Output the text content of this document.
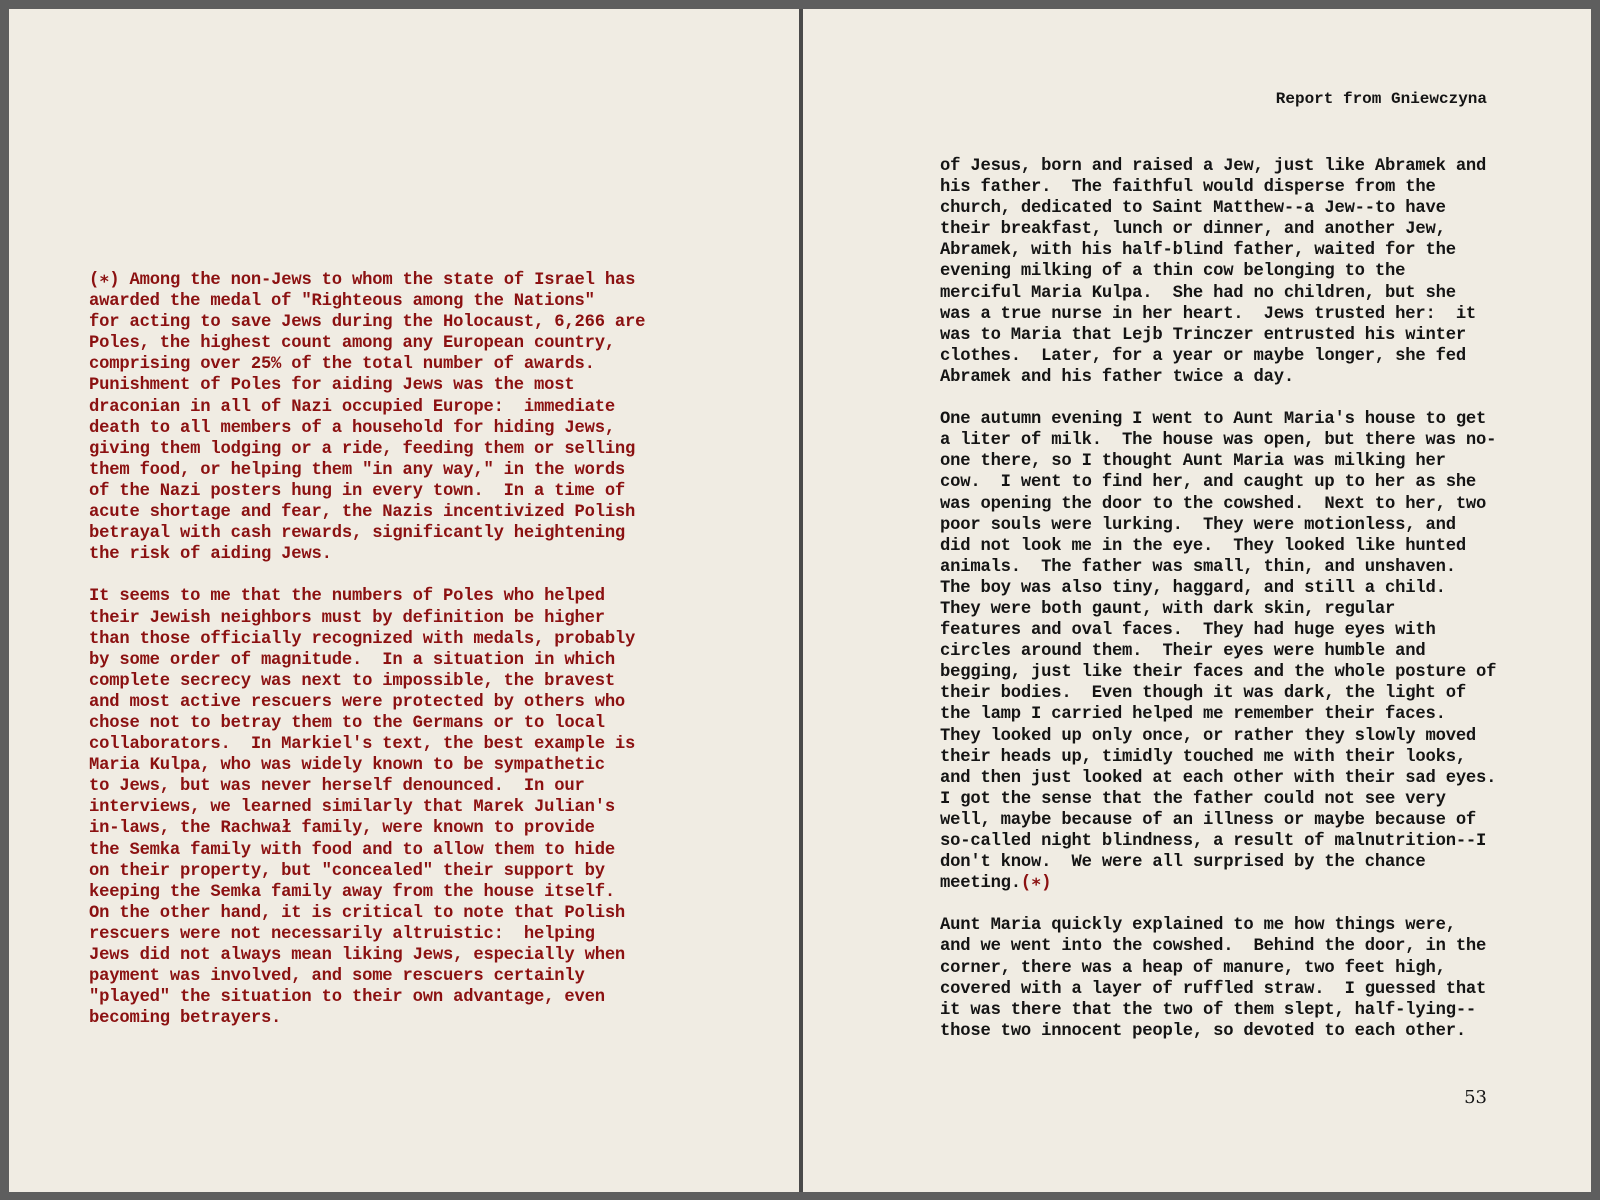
(∗) Among the non-Jews to whom the state of Israel has
awarded the medal of "Righteous among the Nations"
for acting to save Jews during the Holocaust, 6,266 are
Poles, the highest count among any European country,
comprising over 25% of the total number of awards.
Punishment of Poles for aiding Jews was the most
draconian in all of Nazi occupied Europe:  immediate
death to all members of a household for hiding Jews,
giving them lodging or a ride, feeding them or selling
them food, or helping them "in any way," in the words
of the Nazi posters hung in every town.  In a time of
acute shortage and fear, the Nazis incentivized Polish
betrayal with cash rewards, significantly heightening
the risk of aiding Jews.

It seems to me that the numbers of Poles who helped
their Jewish neighbors must by definition be higher
than those officially recognized with medals, probably
by some order of magnitude.  In a situation in which
complete secrecy was next to impossible, the bravest
and most active rescuers were protected by others who
chose not to betray them to the Germans or to local
collaborators.  In Markiel's text, the best example is
Maria Kulpa, who was widely known to be sympathetic
to Jews, but was never herself denounced.  In our
interviews, we learned similarly that Marek Julian's
in-laws, the Rachwał family, were known to provide
the Semka family with food and to allow them to hide
on their property, but "concealed" their support by
keeping the Semka family away from the house itself.
On the other hand, it is critical to note that Polish
rescuers were not necessarily altruistic:  helping
Jews did not always mean liking Jews, especially when
payment was involved, and some rescuers certainly
"played" the situation to their own advantage, even
becoming betrayers.

Report from Gniewczyna

of Jesus, born and raised a Jew, just like Abramek and
his father.  The faithful would disperse from the
church, dedicated to Saint Matthew--a Jew--to have
their breakfast, lunch or dinner, and another Jew,
Abramek, with his half-blind father, waited for the
evening milking of a thin cow belonging to the
merciful Maria Kulpa.  She had no children, but she
was a true nurse in her heart.  Jews trusted her:  it
was to Maria that Lejb Trinczer entrusted his winter
clothes.  Later, for a year or maybe longer, she fed
Abramek and his father twice a day.

One autumn evening I went to Aunt Maria's house to get
a liter of milk.  The house was open, but there was no-
one there, so I thought Aunt Maria was milking her
cow.  I went to find her, and caught up to her as she
was opening the door to the cowshed.  Next to her, two
poor souls were lurking.  They were motionless, and
did not look me in the eye.  They looked like hunted
animals.  The father was small, thin, and unshaven.
The boy was also tiny, haggard, and still a child.
They were both gaunt, with dark skin, regular
features and oval faces.  They had huge eyes with
circles around them.  Their eyes were humble and
begging, just like their faces and the whole posture of
their bodies.  Even though it was dark, the light of
the lamp I carried helped me remember their faces.
They looked up only once, or rather they slowly moved
their heads up, timidly touched me with their looks,
and then just looked at each other with their sad eyes.
I got the sense that the father could not see very
well, maybe because of an illness or maybe because of
so-called night blindness, a result of malnutrition--I
don't know.  We were all surprised by the chance
meeting.(∗)

Aunt Maria quickly explained to me how things were,
and we went into the cowshed.  Behind the door, in the
corner, there was a heap of manure, two feet high,
covered with a layer of ruffled straw.  I guessed that
it was there that the two of them slept, half-lying--
those two innocent people, so devoted to each other.

53
